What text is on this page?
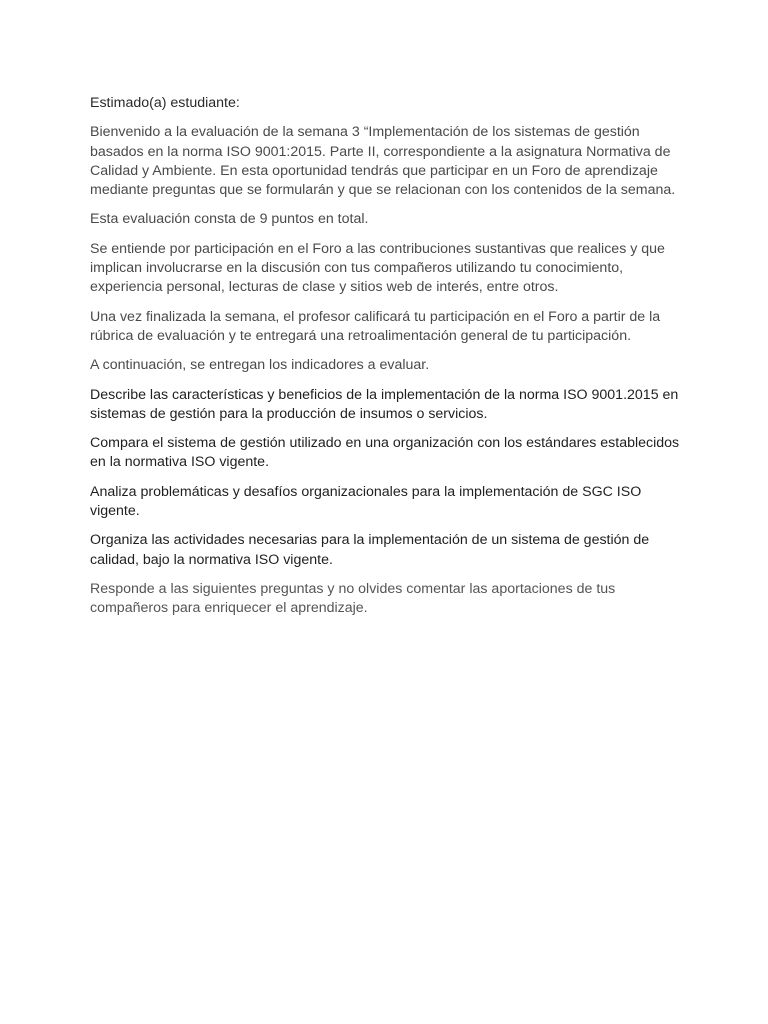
Estimado(a) estudiante:

Bienvenido a la evaluación de la semana 3 “Implementación de los sistemas de gestión basados en la norma ISO 9001:2015. Parte II, correspondiente a la asignatura Normativa de Calidad y Ambiente. En esta oportunidad tendrás que participar en un Foro de aprendizaje mediante preguntas que se formularán y que se relacionan con los contenidos de la semana.

Esta evaluación consta de 9 puntos en total.

Se entiende por participación en el Foro a las contribuciones sustantivas que realices y que implican involucrarse en la discusión con tus compañeros utilizando tu conocimiento, experiencia personal, lecturas de clase y sitios web de interés, entre otros.

Una vez finalizada la semana, el profesor calificará tu participación en el Foro a partir de la rúbrica de evaluación y te entregará una retroalimentación general de tu participación.

A continuación, se entregan los indicadores a evaluar.

Describe las características y beneficios de la implementación de la norma ISO 9001.2015 en sistemas de gestión para la producción de insumos o servicios.

Compara el sistema de gestión utilizado en una organización con los estándares establecidos en la normativa ISO vigente.

Analiza problemáticas y desafíos organizacionales para la implementación de SGC ISO vigente.

Organiza las actividades necesarias para la implementación de un sistema de gestión de calidad, bajo la normativa ISO vigente.

Responde a las siguientes preguntas y no olvides comentar las aportaciones de tus compañeros para enriquecer el aprendizaje.
